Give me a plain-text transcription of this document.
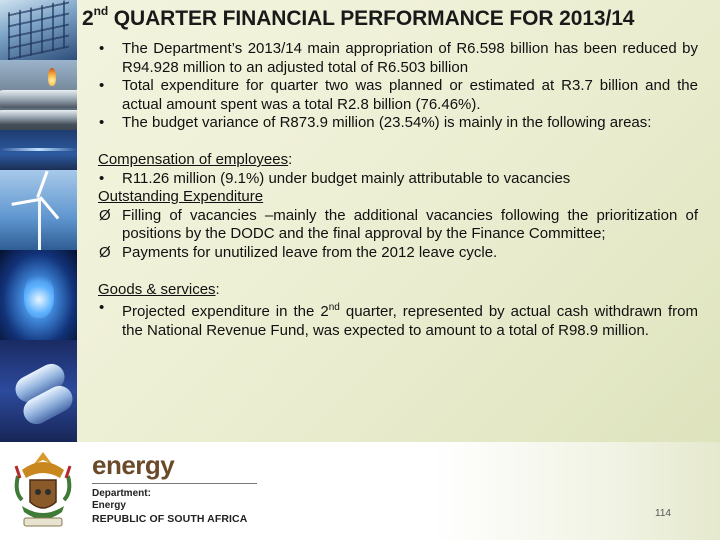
2nd QUARTER FINANCIAL PERFORMANCE FOR 2013/14
• The Department’s 2013/14 main appropriation of R6.598 billion has been reduced by R94.928 million to an adjusted total of R6.503 billion
• Total expenditure for quarter two was planned or estimated at R3.7 billion and the actual amount spent was a total R2.8 billion (76.46%).
• The budget variance of R873.9 million (23.54%) is mainly in the following areas:
Compensation of employees:
• R11.26 million (9.1%) under budget mainly attributable to vacancies
Outstanding Expenditure
Ø Filling of vacancies –mainly the additional vacancies following the prioritization of positions by the DODC and the final approval by the Finance Committee;
Ø Payments for unutilized leave from the 2012 leave cycle.
Goods & services:
• Projected expenditure in the 2nd quarter, represented by actual cash withdrawn from the National Revenue Fund, was expected to amount to a total of R98.9 million.
energy
Department:
Energy
REPUBLIC OF SOUTH AFRICA	114
